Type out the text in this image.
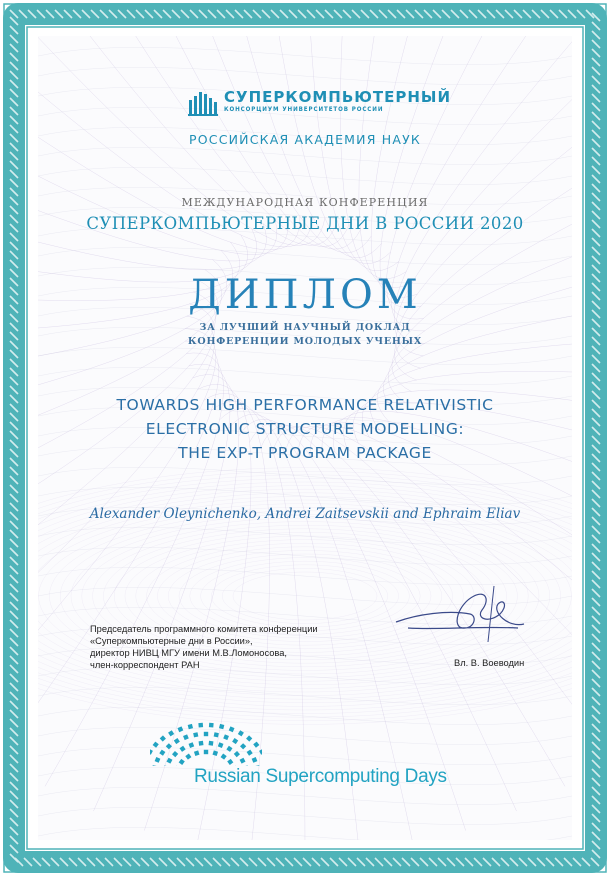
СУПЕРКОМПЬЮТЕРНЫЙ
КОНСОРЦИУМ УНИВЕРСИТЕТОВ РОССИИ
РОССИЙСКАЯ АКАДЕМИЯ НАУК
МЕЖДУНАРОДНАЯ КОНФЕРЕНЦИЯ
СУПЕРКОМПЬЮТЕРНЫЕ ДНИ В РОССИИ 2020
ДИПЛОМ
ЗА ЛУЧШИЙ НАУЧНЫЙ ДОКЛАД
КОНФЕРЕНЦИИ МОЛОДЫХ УЧЕНЫХ
TOWARDS HIGH PERFORMANCE RELATIVISTIC
ELECTRONIC STRUCTURE MODELLING:
THE EXP-T PROGRAM PACKAGE
Alexander Oleynichenko, Andrei Zaitsevskii and Ephraim Eliav
Председатель программного комитета конференции
«Суперкомпьютерные дни в России»,
директор НИВЦ МГУ имени М.В.Ломоносова,
член-корреспондент РАН	Вл. В. Воеводин
Russian Supercomputing Days
